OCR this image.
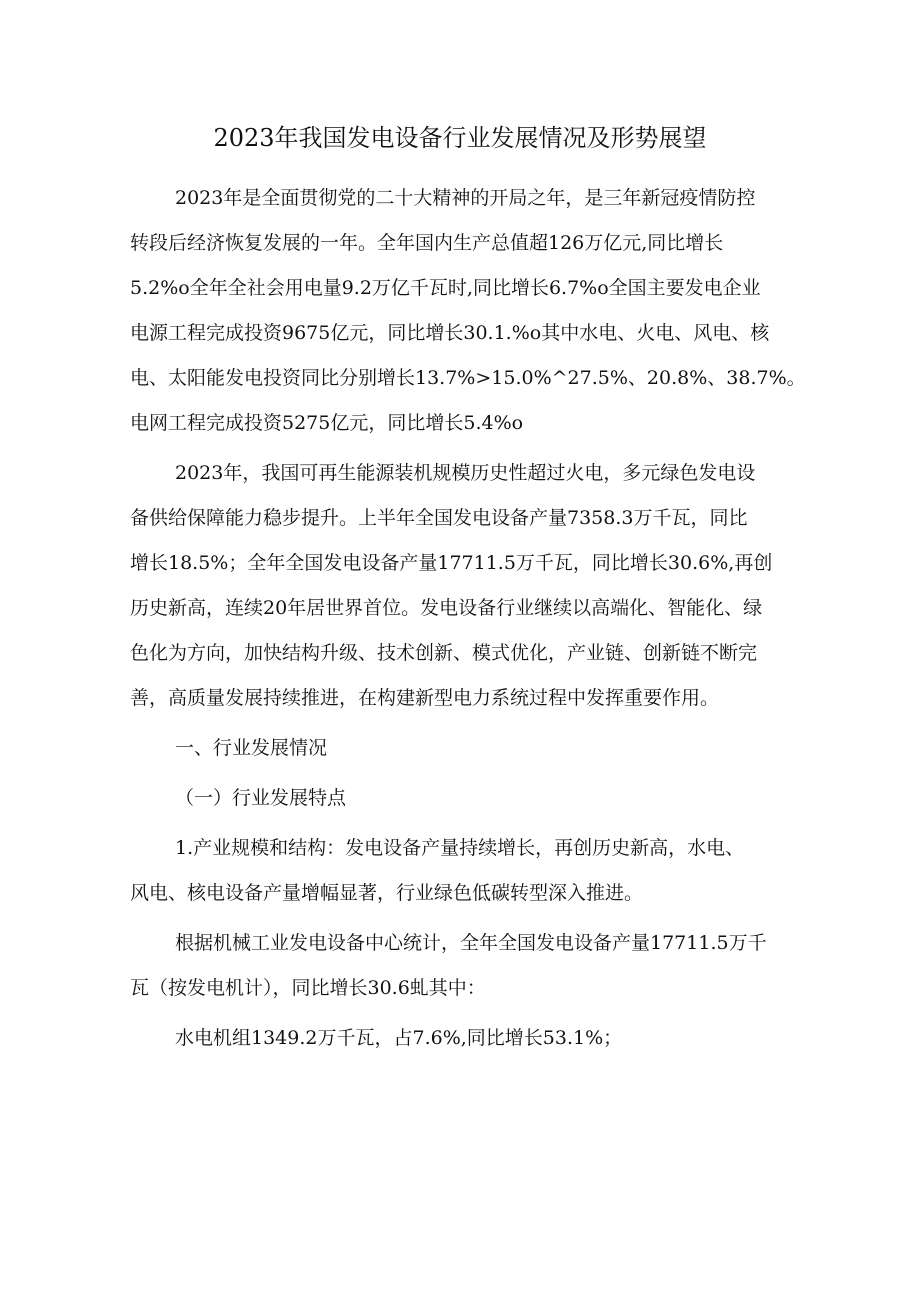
2023年我国发电设备行业发展情况及形势展望
2023年是全面贯彻党的二十大精神的开局之年，是三年新冠疫情防控
转段后经济恢复发展的一年。全年国内生产总值超126万亿元,同比增长
5.2%o全年全社会用电量9.2万亿千瓦时,同比增长6.7%o全国主要发电企业
电源工程完成投资9675亿元，同比增长30.1.%o其中水电、火电、风电、核
电、太阳能发电投资同比分别增长13.7%>15.0%^27.5%、20.8%、38.7%。
电网工程完成投资5275亿元，同比增长5.4%o
2023年，我国可再生能源装机规模历史性超过火电，多元绿色发电设
备供给保障能力稳步提升。上半年全国发电设备产量7358.3万千瓦，同比
增长18.5%；全年全国发电设备产量17711.5万千瓦，同比增长30.6%,再创
历史新高，连续20年居世界首位。发电设备行业继续以高端化、智能化、绿
色化为方向，加快结构升级、技术创新、模式优化，产业链、创新链不断完
善，高质量发展持续推进，在构建新型电力系统过程中发挥重要作用。
一、行业发展情况
（一）行业发展特点
1.产业规模和结构：发电设备产量持续增长，再创历史新高，水电、
风电、核电设备产量增幅显著，行业绿色低碳转型深入推进。
根据机械工业发电设备中心统计，全年全国发电设备产量17711.5万千
瓦（按发电机计），同比增长30.6虬其中：
水电机组1349.2万千瓦，占7.6%,同比增长53.1%；
